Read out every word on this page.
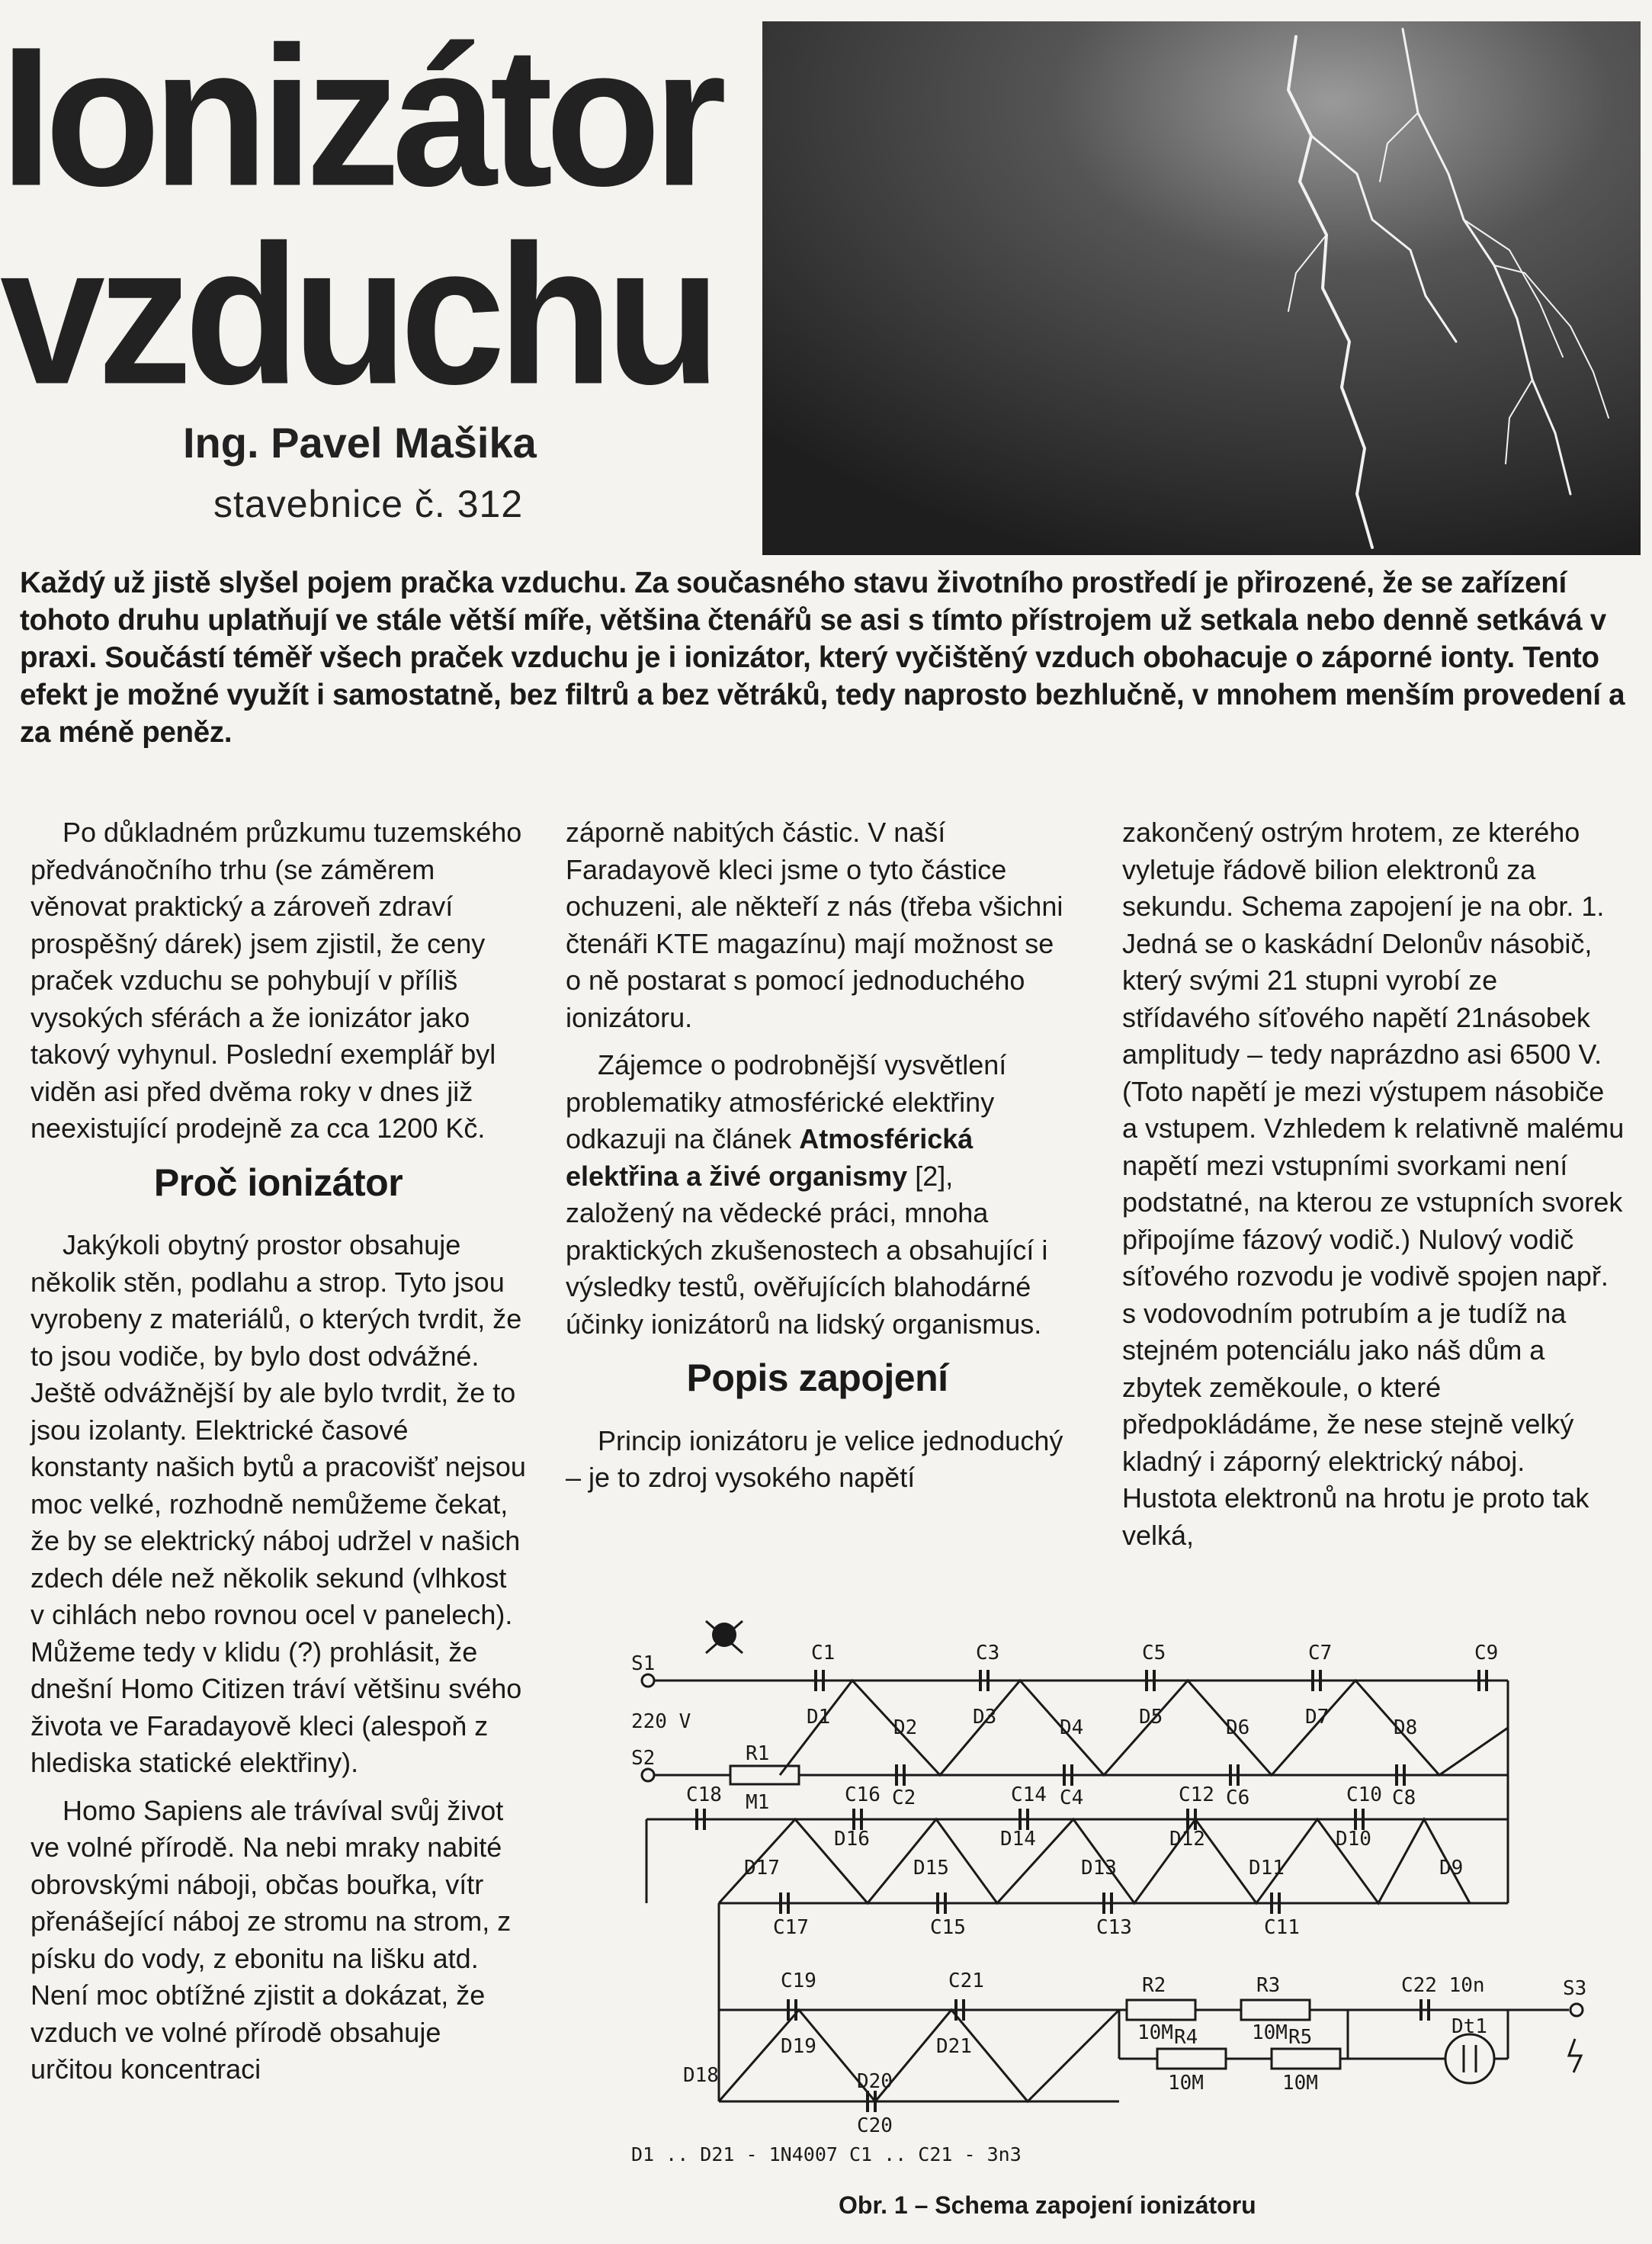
Ionizátor
vzduchu
Ing. Pavel Mašika
stavebnice č. 312

Každý už jistě slyšel pojem pračka vzduchu. Za současného stavu životního prostředí je přirozené, že se zařízení tohoto druhu uplatňují ve stále větší míře, většina čtenářů se asi s tímto přístrojem už setkala nebo denně setkává v praxi. Součástí téměř všech praček vzduchu je i ionizátor, který vyčištěný vzduch obohacuje o záporné ionty. Tento efekt je možné využít i samostatně, bez filtrů a bez větráků, tedy naprosto bezhlučně, v mnohem menším provedení a za méně peněz.

Po důkladném průzkumu tuzemského předvánočního trhu (se záměrem věnovat praktický a zároveň zdraví prospěšný dárek) jsem zjistil, že ceny praček vzduchu se pohybují v příliš vysokých sférách a že ionizátor jako takový vyhynul. Poslední exemplář byl viděn asi před dvěma roky v dnes již neexistující prodejně za cca 1200 Kč.

Proč ionizátor

Jakýkoli obytný prostor obsahuje několik stěn, podlahu a strop. Tyto jsou vyrobeny z materiálů, o kterých tvrdit, že to jsou vodiče, by bylo dost odvážné. Ještě odvážnější by ale bylo tvrdit, že to jsou izolanty. Elektrické časové konstanty našich bytů a pracovišť nejsou moc velké, rozhodně nemůžeme čekat, že by se elektrický náboj udržel v našich zdech déle než několik sekund (vlhkost v cihlách nebo rovnou ocel v panelech). Můžeme tedy v klidu (?) prohlásit, že dnešní Homo Citizen tráví většinu svého života ve Faradayově kleci (alespoň z hlediska statické elektřiny).

Homo Sapiens ale trávíval svůj život ve volné přírodě. Na nebi mraky nabité obrovskými náboji, občas bouřka, vítr přenášející náboj ze stromu na strom, z písku do vody, z ebonitu na lišku atd. Není moc obtížné zjistit a dokázat, že vzduch ve volné přírodě obsahuje určitou koncentraci

záporně nabitých částic. V naší Faradayově kleci jsme o tyto částice ochuzeni, ale někteří z nás (třeba všichni čtenáři KTE magazínu) mají možnost se o ně postarat s pomocí jednoduchého ionizátoru.

Zájemce o podrobnější vysvětlení problematiky atmosférické elektřiny odkazuji na článek Atmosférická elektřina a živé organismy [2], založený na vědecké práci, mnoha praktických zkušenostech a obsahující i výsledky testů, ověřujících blahodárné účinky ionizátorů na lidský organismus.

Popis zapojení

Princip ionizátoru je velice jednoduchý – je to zdroj vysokého napětí

zakončený ostrým hrotem, ze kterého vyletuje řádově bilion elektronů za sekundu. Schema zapojení je na obr. 1. Jedná se o kaskádní Delonův násobič, který svými 21 stupni vyrobí ze střídavého síťového napětí 21násobek amplitudy – tedy naprázdno asi 6500 V. (Toto napětí je mezi výstupem násobiče a vstupem. Vzhledem k relativně malému napětí mezi vstupními svorkami není podstatné, na kterou ze vstupních svorek připojíme fázový vodič.) Nulový vodič síťového rozvodu je vodivě spojen např. s vodovodním potrubím a je tudíž na stejném potenciálu jako náš dům a zbytek zeměkoule, o které předpokládáme, že nese stejně velký kladný i záporný elektrický náboj. Hustota elektronů na hrotu je proto tak velká,

S1
S2
S3
220 V
R1
M1
C1	C3	C5	C7	C9
C2	C4	C6	C8
D1	D2	D3	D4	D5	D6	D7	D8
C18	C16	C14	C12	C10
C17	C15	C13	C11
D17
D16
D15
D14
D13
D12
D11
D10
D9
C19	C21
C20
D18
D19
D20
D21
R2	R3
10M	10M
R4	R5
10M	10M
C22 10n
Dt1
D1 .. D21 - 1N4007 C1 .. C21 - 3n3
Obr. 1 – Schema zapojení ionizátoru
